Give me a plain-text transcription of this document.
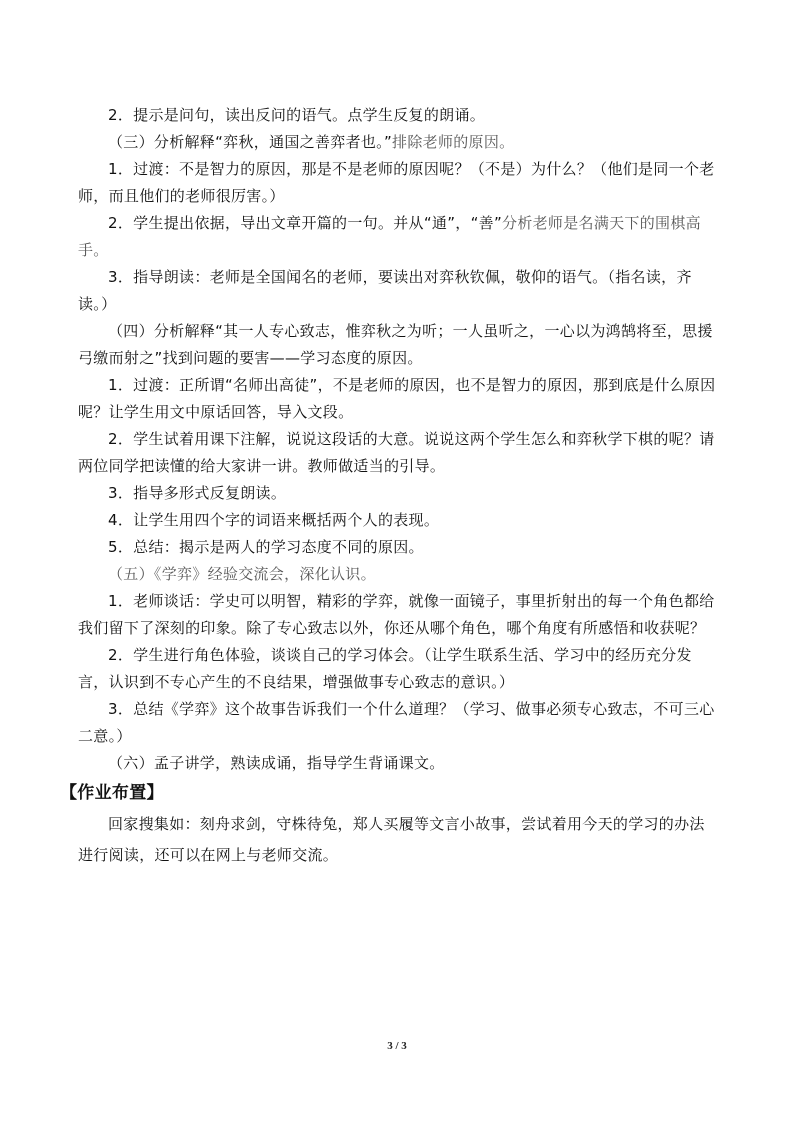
2．提示是问句，读出反问的语气。点学生反复的朗诵。

（三）分析解释“弈秋，通国之善弈者也。”排除老师的原因。

1．过渡：不是智力的原因，那是不是老师的原因呢？（不是）为什么？（他们是同一个老师，而且他们的老师很厉害。）

2．学生提出依据，导出文章开篇的一句。并从“通”，“善”分析老师是名满天下的围棋高手。

3．指导朗读：老师是全国闻名的老师，要读出对弈秋钦佩，敬仰的语气。（指名读，齐读。）

（四）分析解释“其一人专心致志，惟弈秋之为听；一人虽听之，一心以为鸿鹄将至，思援弓缴而射之”找到问题的要害——学习态度的原因。

1．过渡：正所谓“名师出高徒”，不是老师的原因，也不是智力的原因，那到底是什么原因呢？让学生用文中原话回答，导入文段。

2．学生试着用课下注解，说说这段话的大意。说说这两个学生怎么和弈秋学下棋的呢？请两位同学把读懂的给大家讲一讲。教师做适当的引导。

3．指导多形式反复朗读。

4．让学生用四个字的词语来概括两个人的表现。

5．总结：揭示是两人的学习态度不同的原因。

（五）《学弈》经验交流会，深化认识。

1．老师谈话：学史可以明智，精彩的学弈，就像一面镜子，事里折射出的每一个角色都给我们留下了深刻的印象。除了专心致志以外，你还从哪个角色，哪个角度有所感悟和收获呢？

2．学生进行角色体验，谈谈自己的学习体会。（让学生联系生活、学习中的经历充分发言，认识到不专心产生的不良结果，增强做事专心致志的意识。）

3．总结《学弈》这个故事告诉我们一个什么道理？（学习、做事必须专心致志，不可三心二意。）

（六）孟子讲学，熟读成诵，指导学生背诵课文。

【作业布置】

回家搜集如：刻舟求剑，守株待兔，郑人买履等文言小故事，尝试着用今天的学习的办法进行阅读，还可以在网上与老师交流。

3 / 3
